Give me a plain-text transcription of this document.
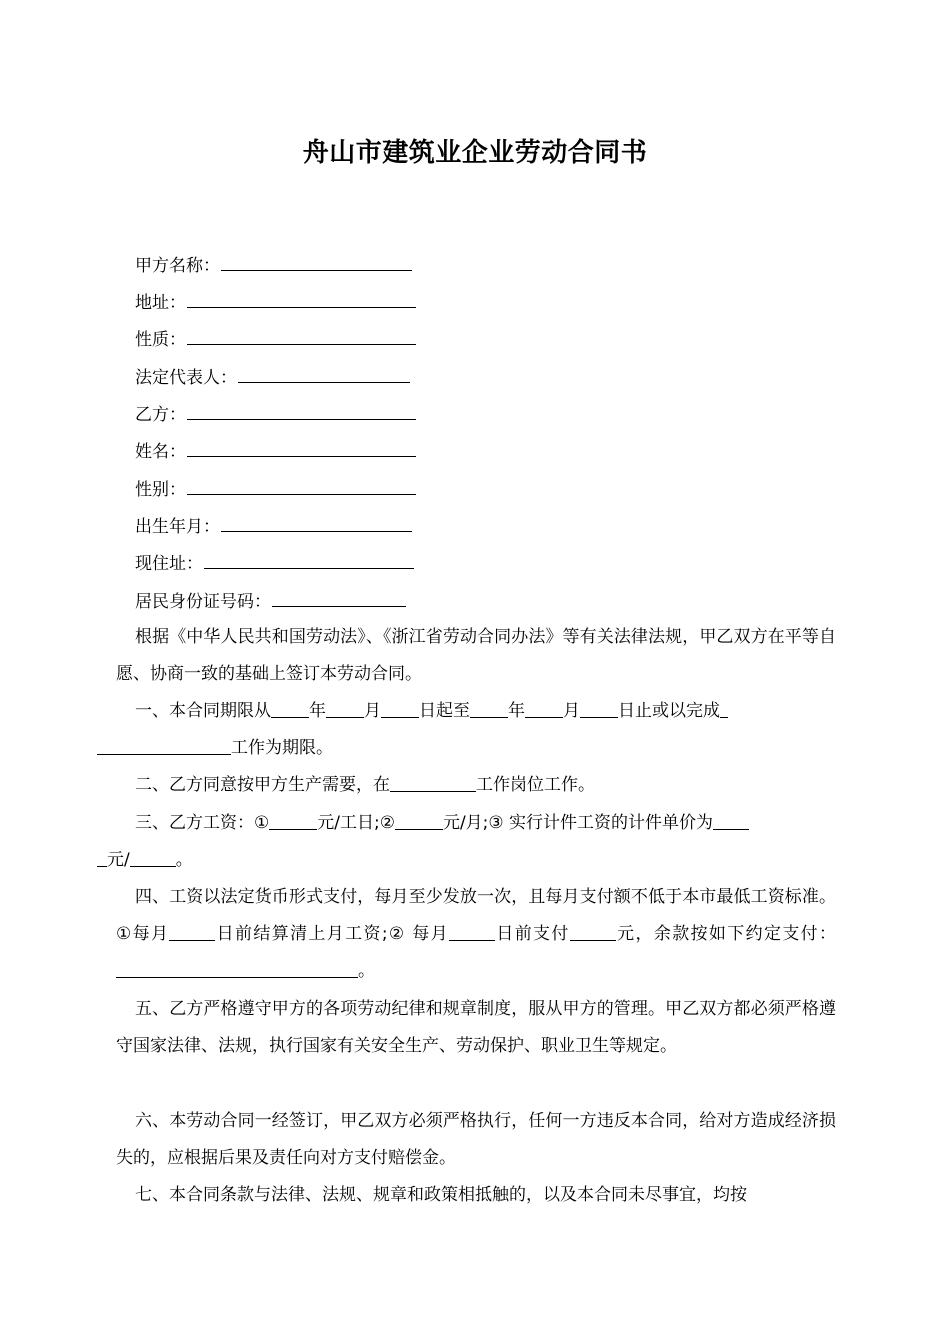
舟山市建筑业企业劳动合同书
甲方名称：
地址：
性质：
法定代表人：
乙方：
姓名：
性别：
出生年月：
现住址：
居民身份证号码：
根据《中华人民共和国劳动法》、《浙江省劳动合同办法》等有关法律法规，甲乙双方在平等自愿、协商一致的基础上签订本劳动合同。
一、本合同期限从 年 月 日起至 年 月 日止或以完成
工作为期限。
二、乙方同意按甲方生产需要，在	工作岗位工作。
三、乙方工资：①	元/工日;②	元/月;③ 实行计件工资的计件单价为
元/	。
四、工资以法定货币形式支付，每月至少发放一次，且每月支付额不低于本市最低工资标准。①每月	日前结算清上月工资;② 每月	日前支付	元，余款按如下约定支付：。
五、乙方严格遵守甲方的各项劳动纪律和规章制度，服从甲方的管理。甲乙双方都必须严格遵守国家法律、法规，执行国家有关安全生产、劳动保护、职业卫生等规定。
六、本劳动合同一经签订，甲乙双方必须严格执行，任何一方违反本合同，给对方造成经济损失的，应根据后果及责任向对方支付赔偿金。
七、本合同条款与法律、法规、规章和政策相抵触的，以及本合同未尽事宜，均按
